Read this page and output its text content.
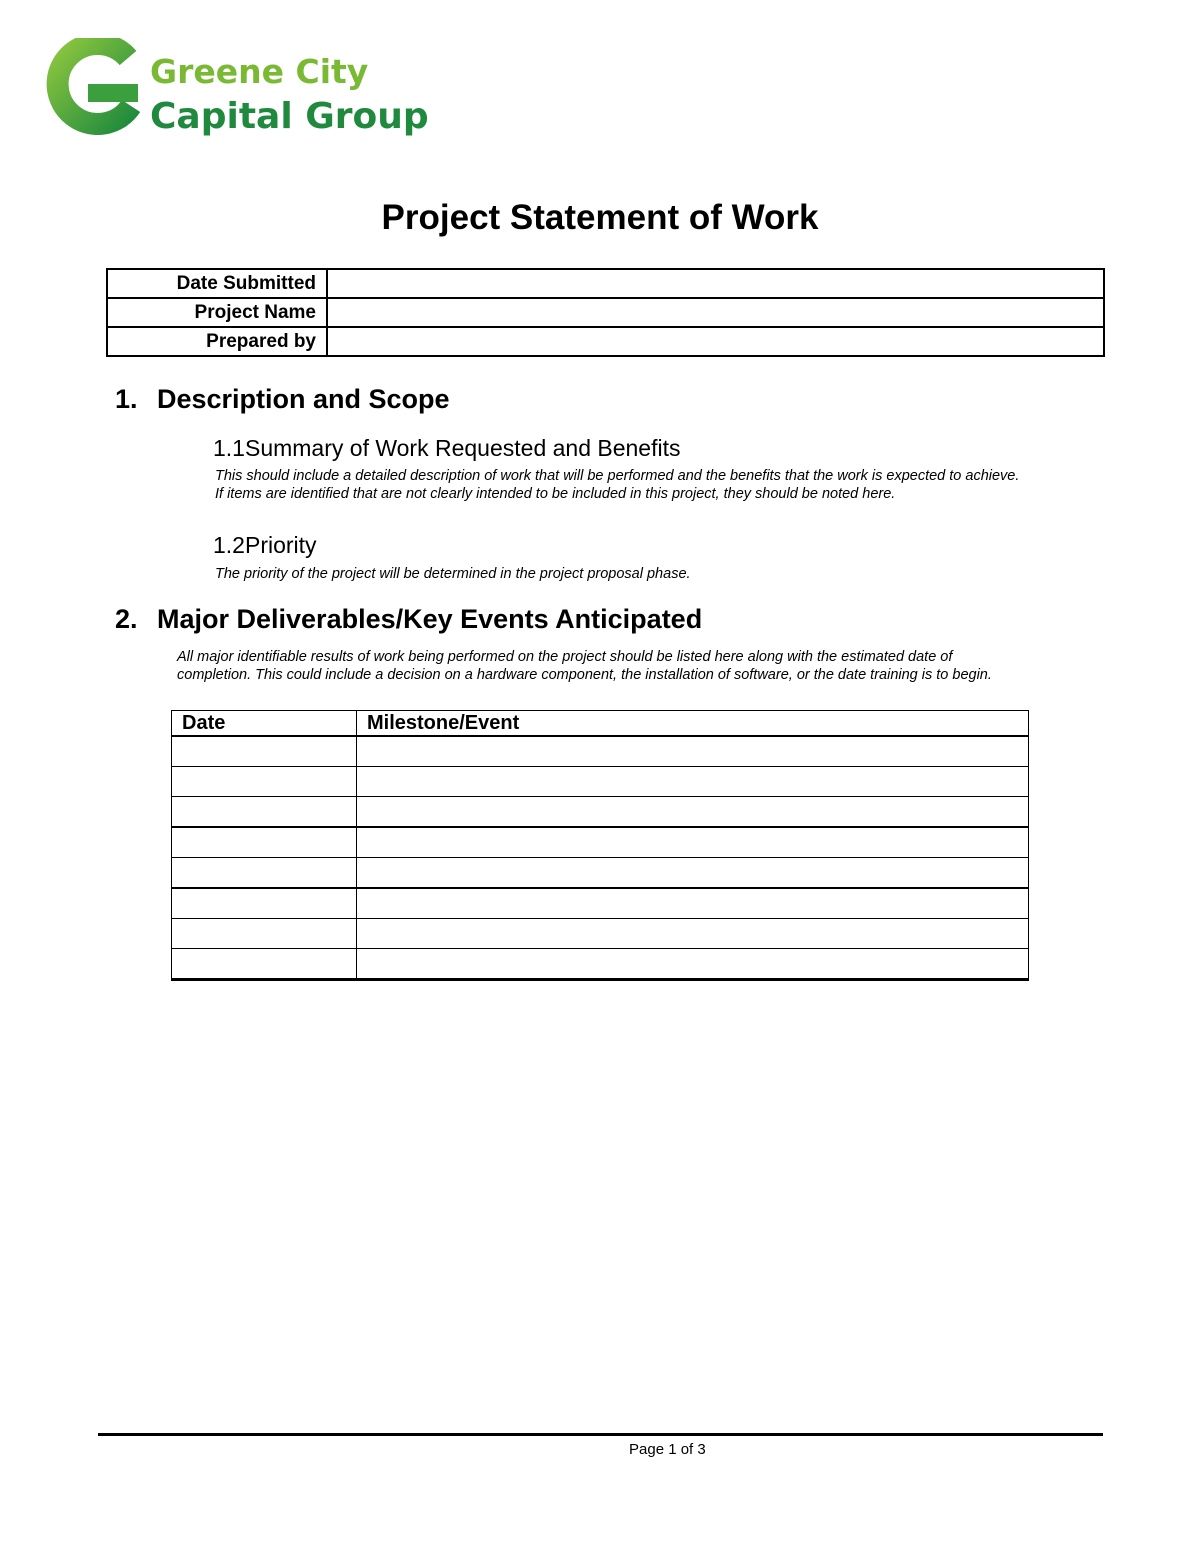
Greene City
Capital Group
Project Statement of Work
Date Submitted	
Project Name	
Prepared by	
1. Description and Scope
1.1Summary of Work Requested and Benefits
This should include a detailed description of work that will be performed and the benefits that the work is expected to achieve.
If items are identified that are not clearly intended to be included in this project, they should be noted here.
1.2Priority
The priority of the project will be determined in the project proposal phase.
2. Major Deliverables/Key Events Anticipated
All major identifiable results of work being performed on the project should be listed here along with the estimated date of
completion. This could include a decision on a hardware component, the installation of software, or the date training is to begin.
Date	Milestone/Event

Page 1 of 3
